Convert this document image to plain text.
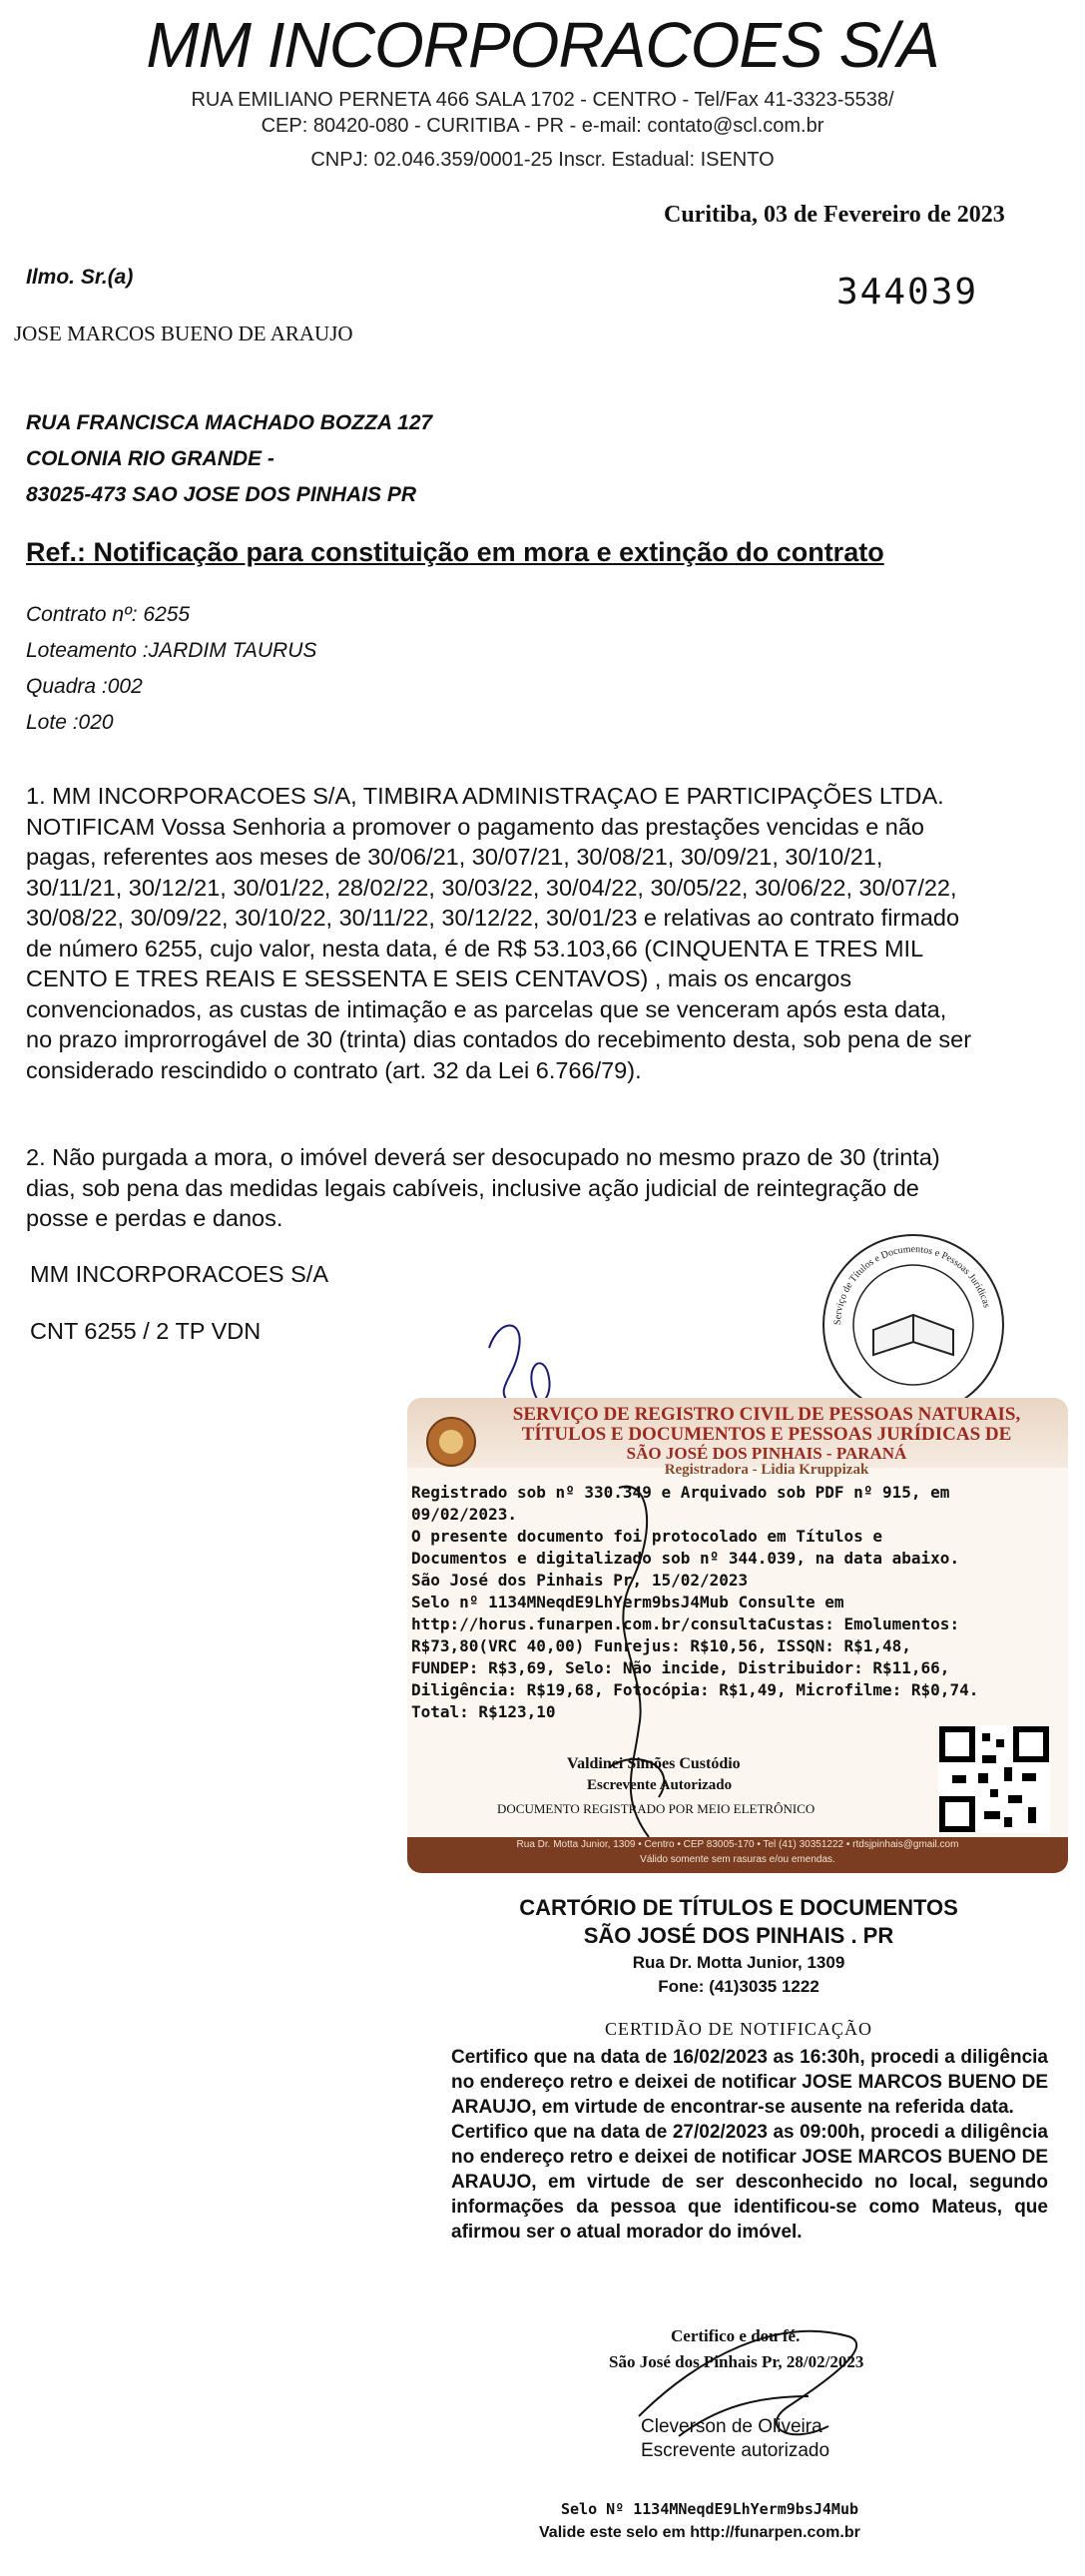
MM INCORPORACOES S/A
RUA EMILIANO PERNETA 466 SALA 1702 - CENTRO - Tel/Fax 41-3323-5538/
CEP: 80420-080 - CURITIBA - PR - e-mail: contato@scl.com.br
CNPJ: 02.046.359/0001-25 Inscr. Estadual: ISENTO
Curitiba, 03 de Fevereiro de 2023
Ilmo. Sr.(a)	344039
JOSE MARCOS BUENO DE ARAUJO
RUA FRANCISCA MACHADO BOZZA 127
COLONIA RIO GRANDE -
83025-473 SAO JOSE DOS PINHAIS PR
Ref.: Notificação para constituição em mora e extinção do contrato
Contrato nº: 6255
Loteamento :JARDIM TAURUS
Quadra :002
Lote :020
1. MM INCORPORACOES S/A, TIMBIRA ADMINISTRAÇAO E PARTICIPAÇÕES LTDA.
NOTIFICAM Vossa Senhoria a promover o pagamento das prestações vencidas e não
pagas, referentes aos meses de 30/06/21, 30/07/21, 30/08/21, 30/09/21, 30/10/21,
30/11/21, 30/12/21, 30/01/22, 28/02/22, 30/03/22, 30/04/22, 30/05/22, 30/06/22, 30/07/22,
30/08/22, 30/09/22, 30/10/22, 30/11/22, 30/12/22, 30/01/23 e relativas ao contrato firmado
de número 6255, cujo valor, nesta data, é de R$ 53.103,66 (CINQUENTA E TRES MIL
CENTO E TRES REAIS E SESSENTA E SEIS CENTAVOS) , mais os encargos
convencionados, as custas de intimação e as parcelas que se venceram após esta data,
no prazo improrrogável de 30 (trinta) dias contados do recebimento desta, sob pena de ser
considerado rescindido o contrato (art. 32 da Lei 6.766/79).
2. Não purgada a mora, o imóvel deverá ser desocupado no mesmo prazo de 30 (trinta)
dias, sob pena das medidas legais cabíveis, inclusive ação judicial de reintegração de
posse e perdas e danos.
MM INCORPORACOES S/A
CNT 6255 / 2 TP VDN	Serviço de Títulos e Documentos e Pessoas Jurídicas
SERVIÇO DE REGISTRO CIVIL DE PESSOAS NATURAIS,
TÍTULOS E DOCUMENTOS E PESSOAS JURÍDICAS DE
SÃO JOSÉ DOS PINHAIS - PARANÁ
Registradora - Lidia Kruppizak
Registrado sob nº 330.349 e Arquivado sob PDF nº 915, em
09/02/2023.
O presente documento foi protocolado em Títulos e
Documentos e digitalizado sob nº 344.039, na data abaixo.
São José dos Pinhais Pr, 15/02/2023
Selo nº 1134MNeqdE9LhYerm9bsJ4Mub Consulte em
http://horus.funarpen.com.br/consultaCustas: Emolumentos:
R$73,80(VRC 40,00) Funrejus: R$10,56, ISSQN: R$1,48,
FUNDEP: R$3,69, Selo: Não incide, Distribuidor: R$11,66,
Diligência: R$19,68, Fotocópia: R$1,49, Microfilme: R$0,74.
Total: R$123,10
Valdinei Simões Custódio
Escrevente Autorizado
DOCUMENTO REGISTRADO POR MEIO ELETRÔNICO
Rua Dr. Motta Junior, 1309 • Centro • CEP 83005-170 • Tel (41) 30351222 • rtdsjpinhais@gmail.com
Válido somente sem rasuras e/ou emendas.
CARTÓRIO DE TÍTULOS E DOCUMENTOS
SÃO JOSÉ DOS PINHAIS . PR
Rua Dr. Motta Junior, 1309
Fone: (41)3035 1222
CERTIDÃO DE NOTIFICAÇÃO
Certifico que na data de 16/02/2023 as 16:30h, procedi a diligência no endereço retro e deixei de notificar JOSE MARCOS BUENO DE ARAUJO, em virtude de encontrar-se ausente na referida data.
Certifico que na data de 27/02/2023 as 09:00h, procedi a diligência no endereço retro e deixei de notificar JOSE MARCOS BUENO DE ARAUJO, em virtude de ser desconhecido no local, segundo informações da pessoa que identificou-se como Mateus, que afirmou ser o atual morador do imóvel.
Certifico e dou fé.
São José dos Pinhais Pr, 28/02/2023
Cleverson de Oliveira
Escrevente autorizado
Selo Nº 1134MNeqdE9LhYerm9bsJ4Mub
Valide este selo em http://funarpen.com.br
